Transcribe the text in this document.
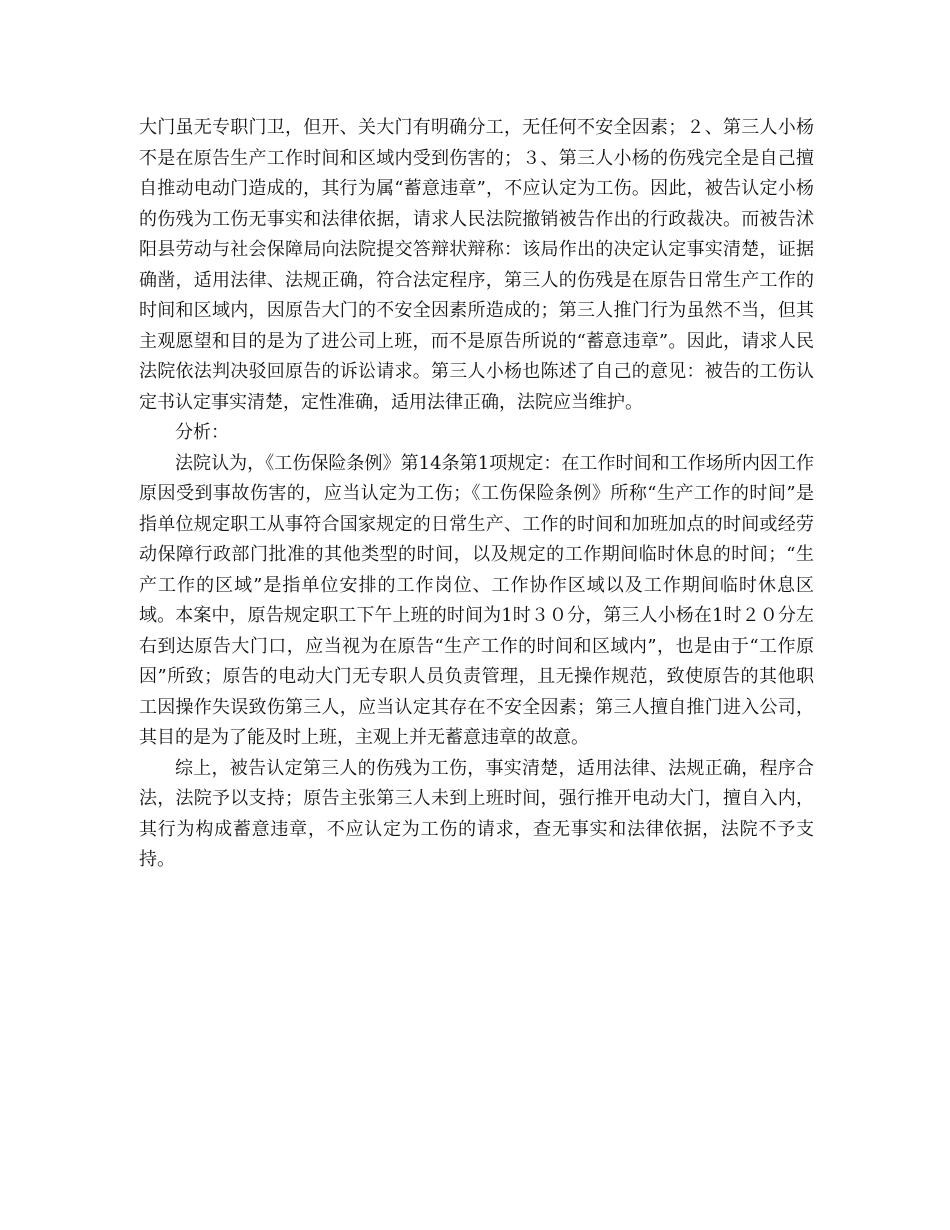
大门虽无专职门卫，但开、关大门有明确分工，无任何不安全因素；２、第三人小杨不是在原告生产工作时间和区域内受到伤害的；３、第三人小杨的伤残完全是自己擅自推动电动门造成的，其行为属“蓄意违章”，不应认定为工伤。因此，被告认定小杨的伤残为工伤无事实和法律依据，请求人民法院撤销被告作出的行政裁决。而被告沭阳县劳动与社会保障局向法院提交答辩状辩称：该局作出的决定认定事实清楚，证据确凿，适用法律、法规正确，符合法定程序，第三人的伤残是在原告日常生产工作的时间和区域内，因原告大门的不安全因素所造成的；第三人推门行为虽然不当，但其主观愿望和目的是为了进公司上班，而不是原告所说的“蓄意违章”。因此，请求人民法院依法判决驳回原告的诉讼请求。第三人小杨也陈述了自己的意见：被告的工伤认定书认定事实清楚，定性准确，适用法律正确，法院应当维护。

分析：

法院认为，《工伤保险条例》第14条第1项规定：在工作时间和工作场所内因工作原因受到事故伤害的，应当认定为工伤；《工伤保险条例》所称“生产工作的时间”是指单位规定职工从事符合国家规定的日常生产、工作的时间和加班加点的时间或经劳动保障行政部门批准的其他类型的时间，以及规定的工作期间临时休息的时间；“生产工作的区域”是指单位安排的工作岗位、工作协作区域以及工作期间临时休息区域。本案中，原告规定职工下午上班的时间为1时３０分，第三人小杨在1时２０分左右到达原告大门口，应当视为在原告“生产工作的时间和区域内”，也是由于“工作原因”所致；原告的电动大门无专职人员负责管理，且无操作规范，致使原告的其他职工因操作失误致伤第三人，应当认定其存在不安全因素；第三人擅自推门进入公司，其目的是为了能及时上班，主观上并无蓄意违章的故意。

综上，被告认定第三人的伤残为工伤，事实清楚，适用法律、法规正确，程序合法，法院予以支持；原告主张第三人未到上班时间，强行推开电动大门，擅自入内，其行为构成蓄意违章，不应认定为工伤的请求，查无事实和法律依据，法院不予支持。
